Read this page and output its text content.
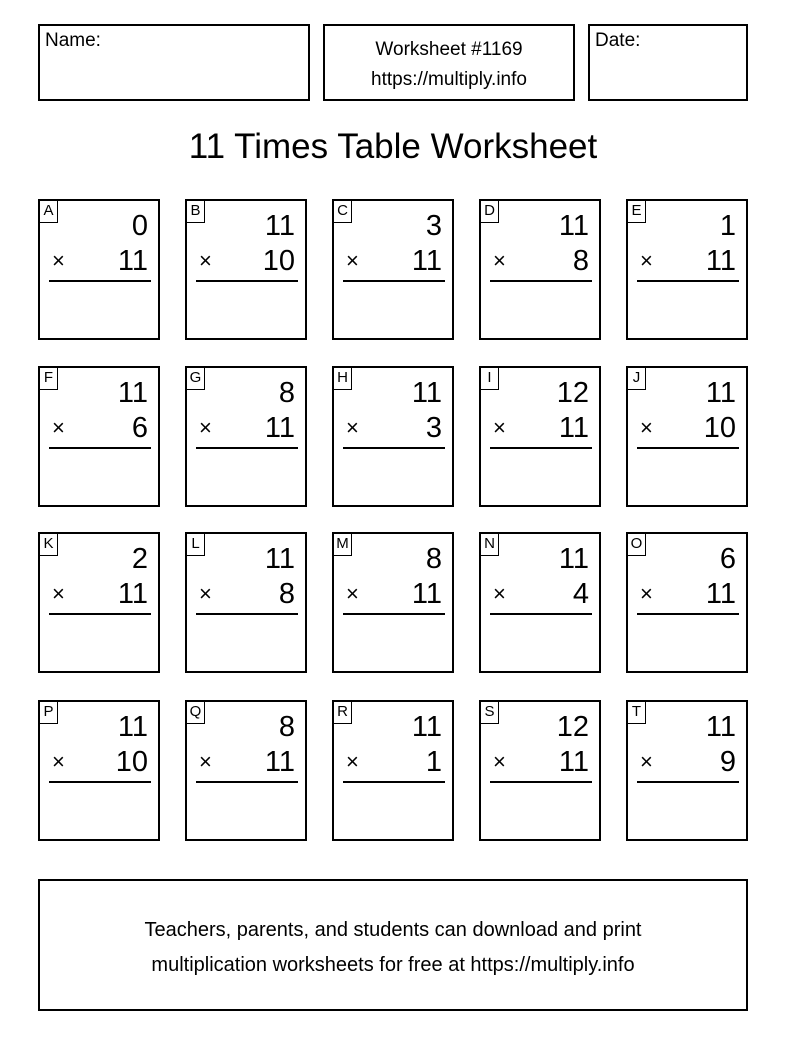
Name:	Worksheet #1169
https://multiply.info
Date:
11 Times Table Worksheet
A	0
× 11
B 11
× 10
C	3
× 11
D 11
× 8
E	1
× 11
F 11
× 6
G	8
× 11
H 11
× 3
I 12
× 11
J 11
× 10
K	2
× 11
L 11
× 8
M	8
× 11
N 11
× 4
O	6
× 11
P 11
× 10
Q	8
× 11
R 11
× 1
S 12
× 11
T 11
× 9
Teachers, parents, and students can download and print
multiplication worksheets for free at https://multiply.info
